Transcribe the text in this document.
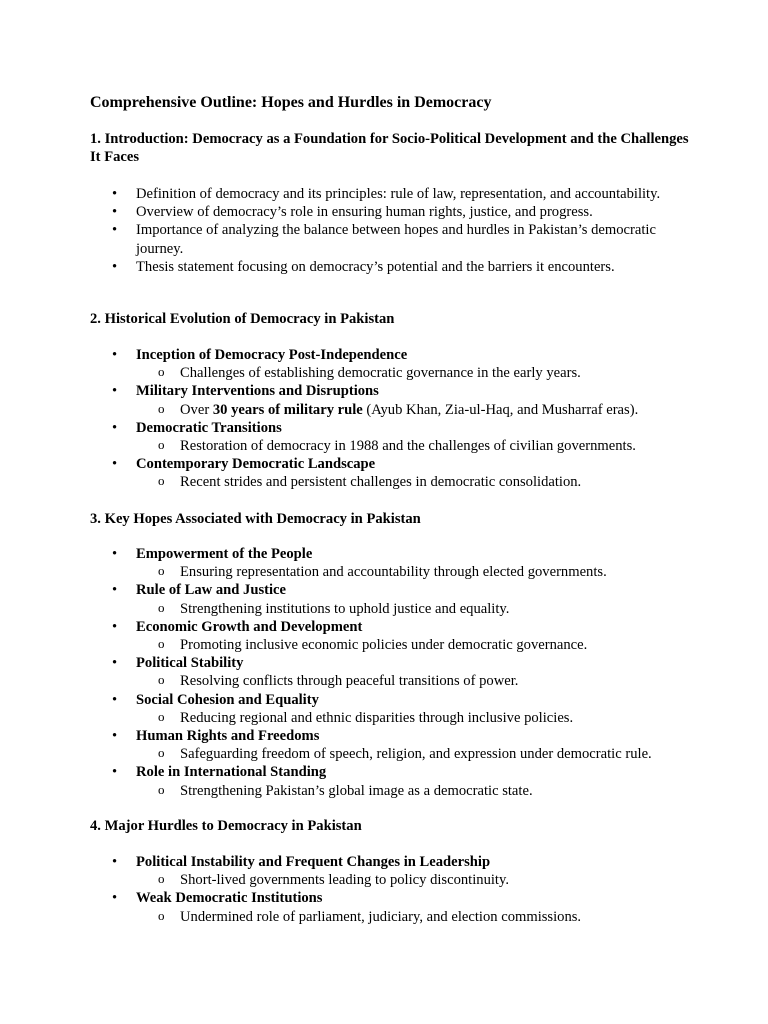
Comprehensive Outline: Hopes and Hurdles in Democracy
1. Introduction: Democracy as a Foundation for Socio-Political Development and the Challenges It Faces
• Definition of democracy and its principles: rule of law, representation, and accountability.
• Overview of democracy’s role in ensuring human rights, justice, and progress.
• Importance of analyzing the balance between hopes and hurdles in Pakistan’s democratic journey.
• Thesis statement focusing on democracy’s potential and the barriers it encounters.
2. Historical Evolution of Democracy in Pakistan
• Inception of Democracy Post-Independence
o Challenges of establishing democratic governance in the early years.
• Military Interventions and Disruptions
o Over 30 years of military rule (Ayub Khan, Zia-ul-Haq, and Musharraf eras).
• Democratic Transitions
o Restoration of democracy in 1988 and the challenges of civilian governments.
• Contemporary Democratic Landscape
o Recent strides and persistent challenges in democratic consolidation.
3. Key Hopes Associated with Democracy in Pakistan
• Empowerment of the People
o Ensuring representation and accountability through elected governments.
• Rule of Law and Justice
o Strengthening institutions to uphold justice and equality.
• Economic Growth and Development
o Promoting inclusive economic policies under democratic governance.
• Political Stability
o Resolving conflicts through peaceful transitions of power.
• Social Cohesion and Equality
o Reducing regional and ethnic disparities through inclusive policies.
• Human Rights and Freedoms
o Safeguarding freedom of speech, religion, and expression under democratic rule.
• Role in International Standing
o Strengthening Pakistan’s global image as a democratic state.
4. Major Hurdles to Democracy in Pakistan
• Political Instability and Frequent Changes in Leadership
o Short-lived governments leading to policy discontinuity.
• Weak Democratic Institutions
o Undermined role of parliament, judiciary, and election commissions.
